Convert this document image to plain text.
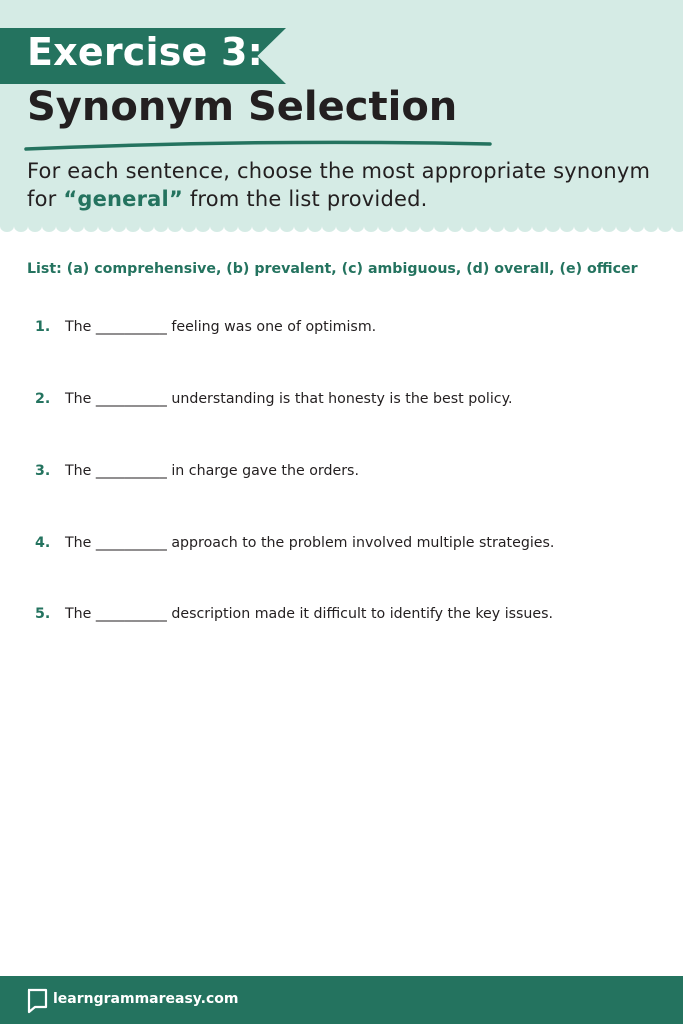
Exercise 3:
Synonym Selection
For each sentence, choose the most appropriate synonym for “general” from the list provided.
List: (a) comprehensive, (b) prevalent, (c) ambiguous, (d) overall, (e) officer
1. The __________ feeling was one of optimism.
2. The __________ understanding is that honesty is the best policy.
3. The __________ in charge gave the orders.
4. The __________ approach to the problem involved multiple strategies.
5. The __________ description made it difficult to identify the key issues.
learngrammareasy.com
